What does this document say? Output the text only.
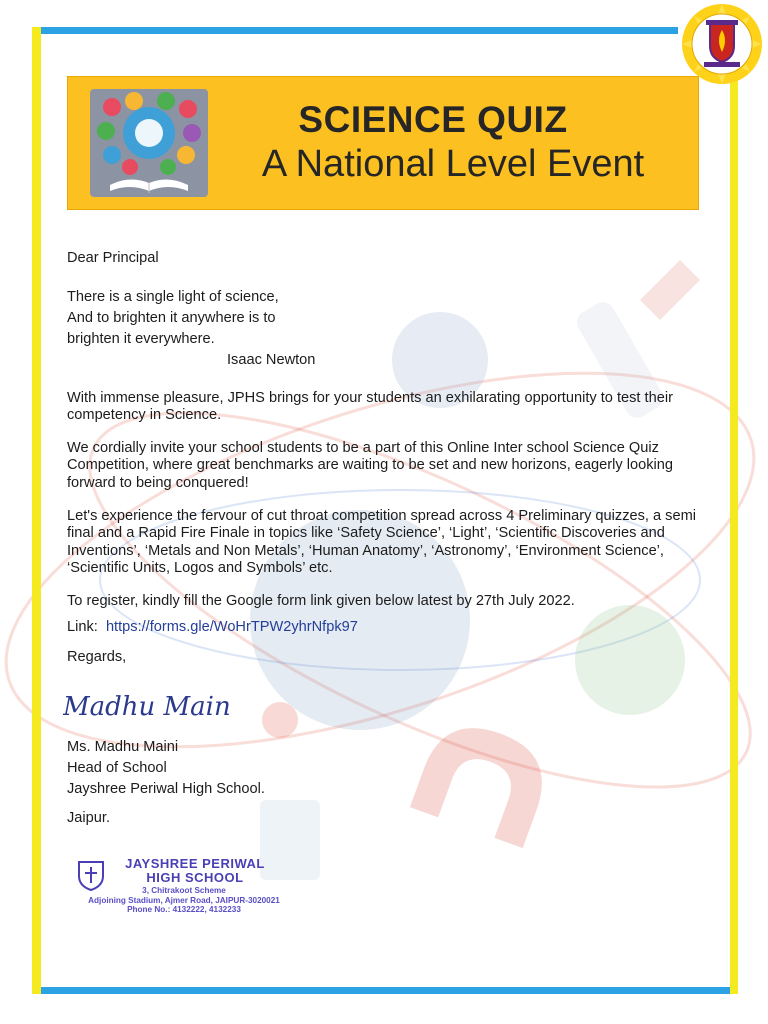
SCIENCE QUIZ
A National Level Event

Dear Principal

There is a single light of science,

And to brighten it anywhere is to

brighten it everywhere.

Isaac Newton

With immense pleasure, JPHS brings for your students an exhilarating opportunity to test their competency in Science.

We cordially invite your school students to be a part of this Online Inter school Science Quiz Competition, where great benchmarks are waiting to be set and new horizons, eagerly looking forward to being conquered!

Let's experience the fervour of cut throat competition spread across 4 Preliminary quizzes, a semi final and a Rapid Fire Finale in topics like ‘Safety Science’, ‘Light’, ‘Scientific Discoveries and Inventions’, ‘Metals and Non Metals’, ‘Human Anatomy’, ‘Astronomy’, ‘Environment Science’, ‘Scientific Units, Logos and Symbols’ etc.

To register, kindly fill the Google form link given below latest by 27th July 2022.

Link: https://forms.gle/WoHrTPW2yhrNfpk97

Regards,

Madhu Main

Ms. Madhu Maini

Head of School

Jayshree Periwal High School.

Jaipur.

JAYSHREE PERIWAL
HIGH SCHOOL
3, Chitrakoot Scheme
Adjoining Stadium, Ajmer Road, JAIPUR-3020021
Phone No.: 4132222, 4132233
